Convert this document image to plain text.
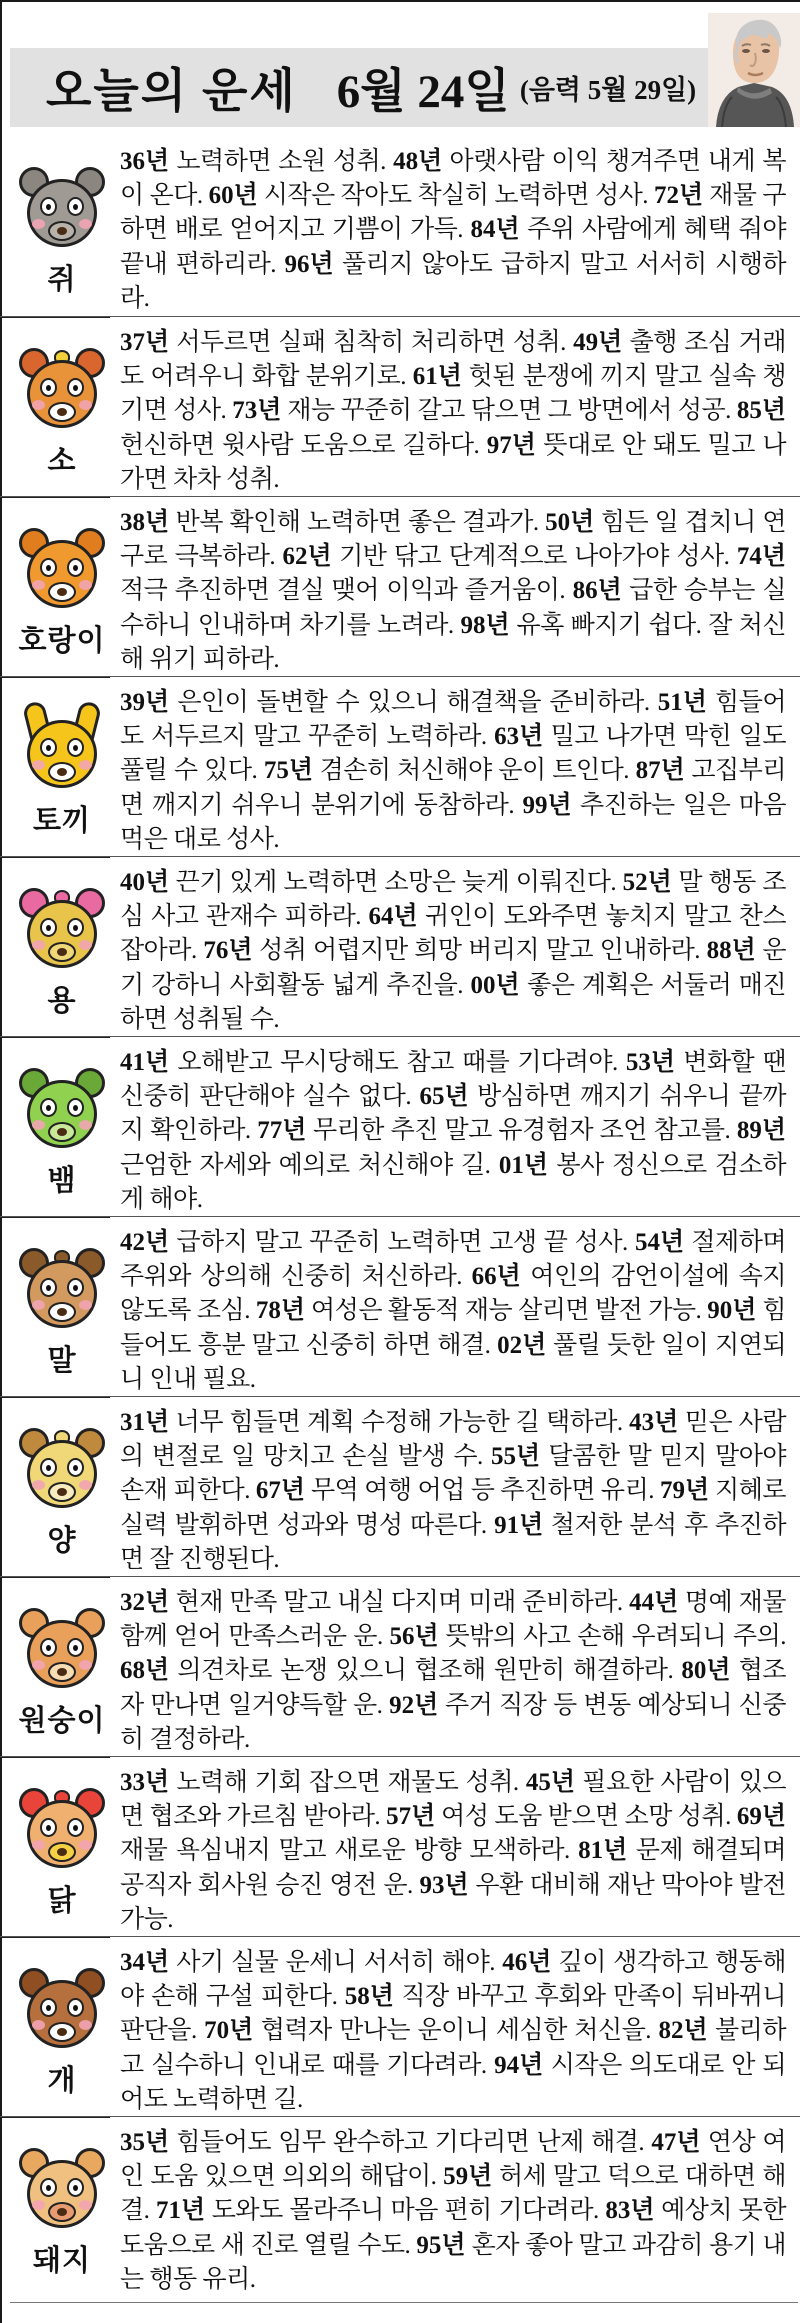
오늘의 운세 6월 24일 (음력 5월 29일)
쥐
36년 노력하면 소원 성취. 48년 아랫사람 이익 챙겨주면 내게 복이 온다. 60년 시작은 작아도 착실히 노력하면 성사. 72년 재물 구하면 배로 얻어지고 기쁨이 가득. 84년 주위 사람에게 혜택 줘야 끝내 편하리라. 96년 풀리지 않아도 급하지 말고 서서히 시행하라.
소
37년 서두르면 실패 침착히 처리하면 성취. 49년 출행 조심 거래도 어려우니 화합 분위기로. 61년 헛된 분쟁에 끼지 말고 실속 챙기면 성사. 73년 재능 꾸준히 갈고 닦으면 그 방면에서 성공. 85년 헌신하면 윗사람 도움으로 길하다. 97년 뜻대로 안 돼도 밀고 나가면 차차 성취.
호랑이
38년 반복 확인해 노력하면 좋은 결과가. 50년 힘든 일 겹치니 연구로 극복하라. 62년 기반 닦고 단계적으로 나아가야 성사. 74년 적극 추진하면 결실 맺어 이익과 즐거움이. 86년 급한 승부는 실수하니 인내하며 차기를 노려라. 98년 유혹 빠지기 쉽다. 잘 처신해 위기 피하라.
토끼
39년 은인이 돌변할 수 있으니 해결책을 준비하라. 51년 힘들어도 서두르지 말고 꾸준히 노력하라. 63년 밀고 나가면 막힌 일도 풀릴 수 있다. 75년 겸손히 처신해야 운이 트인다. 87년 고집부리면 깨지기 쉬우니 분위기에 동참하라. 99년 추진하는 일은 마음먹은 대로 성사.
용
40년 끈기 있게 노력하면 소망은 늦게 이뤄진다. 52년 말 행동 조심 사고 관재수 피하라. 64년 귀인이 도와주면 놓치지 말고 찬스 잡아라. 76년 성취 어렵지만 희망 버리지 말고 인내하라. 88년 운기 강하니 사회활동 넓게 추진을. 00년 좋은 계획은 서둘러 매진하면 성취될 수.
뱀
41년 오해받고 무시당해도 참고 때를 기다려야. 53년 변화할 땐 신중히 판단해야 실수 없다. 65년 방심하면 깨지기 쉬우니 끝까지 확인하라. 77년 무리한 추진 말고 유경험자 조언 참고를. 89년 근엄한 자세와 예의로 처신해야 길. 01년 봉사 정신으로 검소하게 해야.
말
42년 급하지 말고 꾸준히 노력하면 고생 끝 성사. 54년 절제하며 주위와 상의해 신중히 처신하라. 66년 여인의 감언이설에 속지 않도록 조심. 78년 여성은 활동적 재능 살리면 발전 가능. 90년 힘들어도 흥분 말고 신중히 하면 해결. 02년 풀릴 듯한 일이 지연되니 인내 필요.
양
31년 너무 힘들면 계획 수정해 가능한 길 택하라. 43년 믿은 사람의 변절로 일 망치고 손실 발생 수. 55년 달콤한 말 믿지 말아야 손재 피한다. 67년 무역 여행 어업 등 추진하면 유리. 79년 지혜로 실력 발휘하면 성과와 명성 따른다. 91년 철저한 분석 후 추진하면 잘 진행된다.
원숭이
32년 현재 만족 말고 내실 다지며 미래 준비하라. 44년 명예 재물 함께 얻어 만족스러운 운. 56년 뜻밖의 사고 손해 우려되니 주의. 68년 의견차로 논쟁 있으니 협조해 원만히 해결하라. 80년 협조자 만나면 일거양득할 운. 92년 주거 직장 등 변동 예상되니 신중히 결정하라.
닭
33년 노력해 기회 잡으면 재물도 성취. 45년 필요한 사람이 있으면 협조와 가르침 받아라. 57년 여성 도움 받으면 소망 성취. 69년 재물 욕심내지 말고 새로운 방향 모색하라. 81년 문제 해결되며 공직자 회사원 승진 영전 운. 93년 우환 대비해 재난 막아야 발전 가능.
개
34년 사기 실물 운세니 서서히 해야. 46년 깊이 생각하고 행동해야 손해 구설 피한다. 58년 직장 바꾸고 후회와 만족이 뒤바뀌니 판단을. 70년 협력자 만나는 운이니 세심한 처신을. 82년 불리하고 실수하니 인내로 때를 기다려라. 94년 시작은 의도대로 안 되어도 노력하면 길.
돼지
35년 힘들어도 임무 완수하고 기다리면 난제 해결. 47년 연상 여인 도움 있으면 의외의 해답이. 59년 허세 말고 덕으로 대하면 해결. 71년 도와도 몰라주니 마음 편히 기다려라. 83년 예상치 못한 도움으로 새 진로 열릴 수도. 95년 혼자 좋아 말고 과감히 용기 내는 행동 유리.
